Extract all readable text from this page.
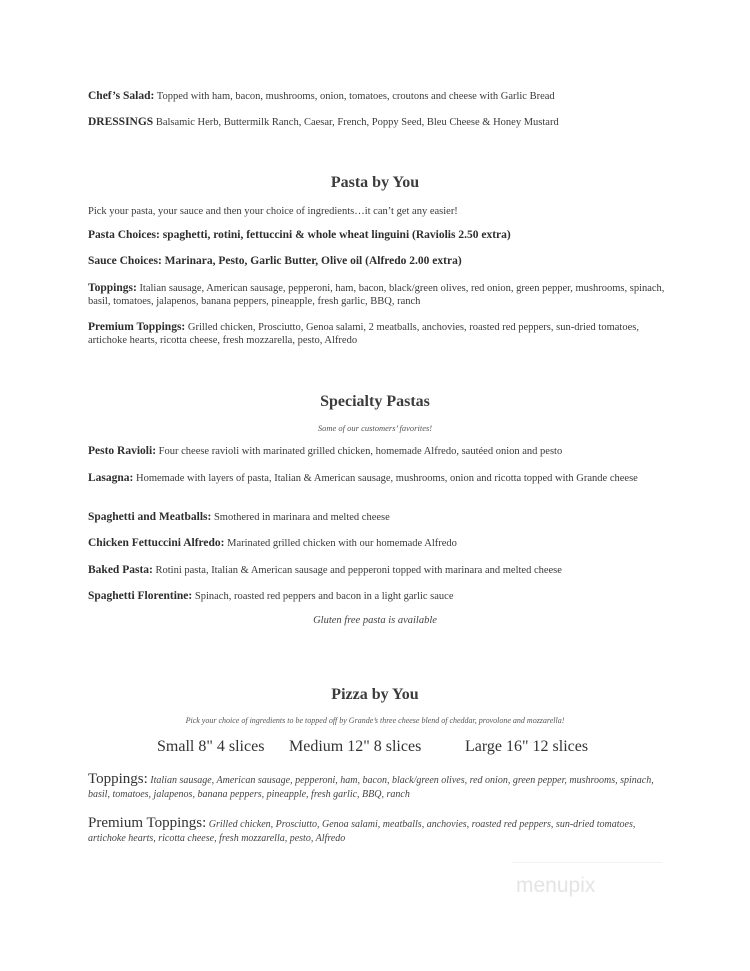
Chef’s Salad: Topped with ham, bacon, mushrooms, onion, tomatoes, croutons and cheese with Garlic Bread
DRESSINGS Balsamic Herb, Buttermilk Ranch, Caesar, French, Poppy Seed, Bleu Cheese & Honey Mustard
Pasta by You
Pick your pasta, your sauce and then your choice of ingredients…it can’t get any easier!
Pasta Choices: spaghetti, rotini, fettuccini & whole wheat linguini (Raviolis 2.50 extra)
Sauce Choices: Marinara, Pesto, Garlic Butter, Olive oil (Alfredo 2.00 extra)
Toppings: Italian sausage, American sausage, pepperoni, ham, bacon, black/green olives, red onion, green pepper, mushrooms, spinach, basil, tomatoes, jalapenos, banana peppers, pineapple, fresh garlic, BBQ, ranch
Premium Toppings: Grilled chicken, Prosciutto, Genoa salami, 2 meatballs, anchovies, roasted red peppers, sun-dried tomatoes, artichoke hearts, ricotta cheese, fresh mozzarella, pesto, Alfredo
Specialty Pastas
Some of our customers’ favorites!
Pesto Ravioli: Four cheese ravioli with marinated grilled chicken, homemade Alfredo, sautéed onion and pesto
Lasagna: Homemade with layers of pasta, Italian & American sausage, mushrooms, onion and ricotta topped with Grande cheese
Spaghetti and Meatballs: Smothered in marinara and melted cheese
Chicken Fettuccini Alfredo: Marinated grilled chicken with our homemade Alfredo
Baked Pasta: Rotini pasta, Italian & American sausage and pepperoni topped with marinara and melted cheese
Spaghetti Florentine: Spinach, roasted red peppers and bacon in a light garlic sauce
Gluten free pasta is available
Pizza by You
Pick your choice of ingredients to be topped off by Grande’s three cheese blend of cheddar, provolone and mozzarella!
Small 8" 4 slices Medium 12" 8 slices	Large 16" 12 slices
Toppings: Italian sausage, American sausage, pepperoni, ham, bacon, black/green olives, red onion, green pepper, mushrooms, spinach, basil, tomatoes, jalapenos, banana peppers, pineapple, fresh garlic, BBQ, ranch
Premium Toppings: Grilled chicken, Prosciutto, Genoa salami, meatballs, anchovies, roasted red peppers, sun-dried tomatoes, artichoke hearts, ricotta cheese, fresh mozzarella, pesto, Alfredo
menupix
